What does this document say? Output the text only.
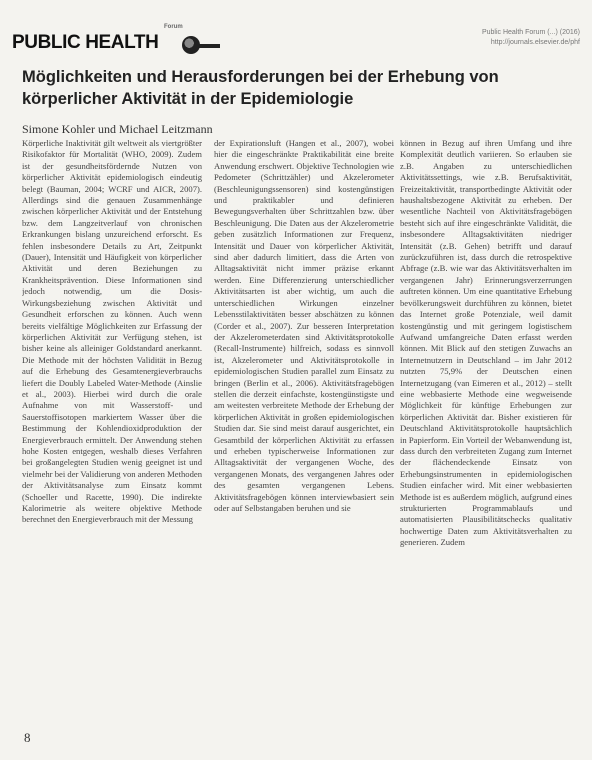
Forum
PUBLIC HEALTH	Public Health Forum (...) (2016)
http://journals.elsevier.de/phf
Möglichkeiten und Herausforderungen bei der Erhebung von körperlicher Aktivität in der Epidemiologie
Simone Kohler und Michael Leitzmann

Körperliche Inaktivität gilt weltweit als viertgrößter Risikofaktor für Mortalität (WHO, 2009). Zudem ist der gesundheitsfördernde Nutzen von körperlicher Aktivität epidemiologisch eindeutig belegt (Bauman, 2004; WCRF und AICR, 2007). Allerdings sind die genauen Zusammenhänge zwischen körperlicher Aktivität und der Entstehung bzw. dem Langzeitverlauf von chronischen Erkrankungen bislang unzureichend erforscht. Es fehlen insbesondere Details zu Art, Zeitpunkt (Dauer), Intensität und Häufigkeit von körperlicher Aktivität und deren Beziehungen zu Krankheitsprävention. Diese Informationen sind jedoch notwendig, um die Dosis-Wirkungsbeziehung zwischen Aktivität und Gesundheit erforschen zu können. Auch wenn bereits vielfältige Möglichkeiten zur Erfassung der körperlichen Aktivität zur Verfügung stehen, ist bisher keine als alleiniger Goldstandard anerkannt. Die Methode mit der höchsten Validität in Bezug auf die Erhebung des Gesamtenergieverbrauchs liefert die Doubly Labeled Water-Methode (Ainslie et al., 2003). Hierbei wird durch die orale Aufnahme von mit Wasserstoff- und Sauerstoffisotopen markiertem Wasser über die Bestimmung der Kohlendioxidproduktion der Energieverbrauch ermittelt. Der Anwendung stehen hohe Kosten entgegen, weshalb dieses Verfahren bei großangelegten Studien wenig geeignet ist und vielmehr bei der Validierung von anderen Methoden der Aktivitätsanalyse zum Einsatz kommt (Schoeller und Racette, 1990). Die indirekte Kalorimetrie als weitere objektive Methode berechnet den Energieverbrauch mit der Messung

der Expirationsluft (Hangen et al., 2007), wobei hier die eingeschränkte Praktikabilität eine breite Anwendung erschwert. Objektive Technologien wie Pedometer (Schrittzähler) und Akzelerometer (Beschleunigungssensoren) sind kostengünstigen und praktikabler und definieren Bewegungsverhalten über Schrittzahlen bzw. über Beschleunigung. Die Daten aus der Akzelerometrie geben zusätzlich Informationen zur Frequenz, Intensität und Dauer von körperlicher Aktivität, sind aber dadurch limitiert, dass die Arten von Alltagsaktivität nicht immer präzise erkannt werden. Eine Differenzierung unterschiedlicher Aktivitätsarten ist aber wichtig, um auch die unterschiedlichen Wirkungen einzelner Lebensstilaktivitäten besser abschätzen zu können (Corder et al., 2007). Zur besseren Interpretation der Akzelerometerdaten sind Aktivitätsprotokolle (Recall-Instrumente) hilfreich, sodass es sinnvoll ist, Akzelerometer und Aktivitätsprotokolle in epidemiologischen Studien parallel zum Einsatz zu bringen (Berlin et al., 2006). Aktivitätsfragebögen stellen die derzeit einfachste, kostengünstigste und am weitesten verbreitete Methode der Erhebung der körperlichen Aktivität in großen epidemiologischen Studien dar. Sie sind meist darauf ausgerichtet, ein Gesamtbild der körperlichen Aktivität zu erfassen und erheben typischerweise Informationen zur Alltagsaktivität der vergangenen Woche, des vergangenen Monats, des vergangenen Jahres oder des gesamten vergangenen Lebens. Aktivitätsfragebögen können interviewbasiert sein oder auf Selbstangaben beruhen und sie

können in Bezug auf ihren Umfang und ihre Komplexität deutlich variieren. So erlauben sie z.B. Angaben zu unterschiedlichen Aktivitätssettings, wie z.B. Berufsaktivität, Freizeitaktivität, transportbedingte Aktivität oder haushaltsbezogene Aktivität zu erheben. Der wesentliche Nachteil von Aktivitätsfragebögen besteht sich auf ihre eingeschränkte Validität, die insbesondere Alltagsaktivitäten niedriger Intensität (z.B. Gehen) betrifft und darauf zurückzuführen ist, dass durch die retrospektive Abfrage (z.B. wie war das Aktivitätsverhalten im vergangenen Jahr) Erinnerungsverzerrungen auftreten können. Um eine quantitative Erhebung bevölkerungsweit durchführen zu können, bietet das Internet große Potenziale, weil damit kostengünstig und mit geringem logistischem Aufwand umfangreiche Daten erfasst werden können. Mit Blick auf den stetigen Zuwachs an Internetnutzern in Deutschland – im Jahr 2012 nutzten 75,9% der Deutschen einen Internetzugang (van Eimeren et al., 2012) – stellt eine webbasierte Methode eine wegweisende Möglichkeit für künftige Erhebungen zur körperlichen Aktivität dar. Bisher existieren für Deutschland Aktivitätsprotokolle hauptsächlich in Papierform. Ein Vorteil der Webanwendung ist, dass durch den verbreiteten Zugang zum Internet der flächendeckende Einsatz von Erhebungsinstrumenten in epidemiologischen Studien einfacher wird. Mit einer webbasierten Methode ist es außerdem möglich, aufgrund eines strukturierten Programmablaufs und automatisierten Plausibilitätschecks qualitativ hochwertige Daten zum Aktivitätsverhalten zu generieren. Zudem

8
